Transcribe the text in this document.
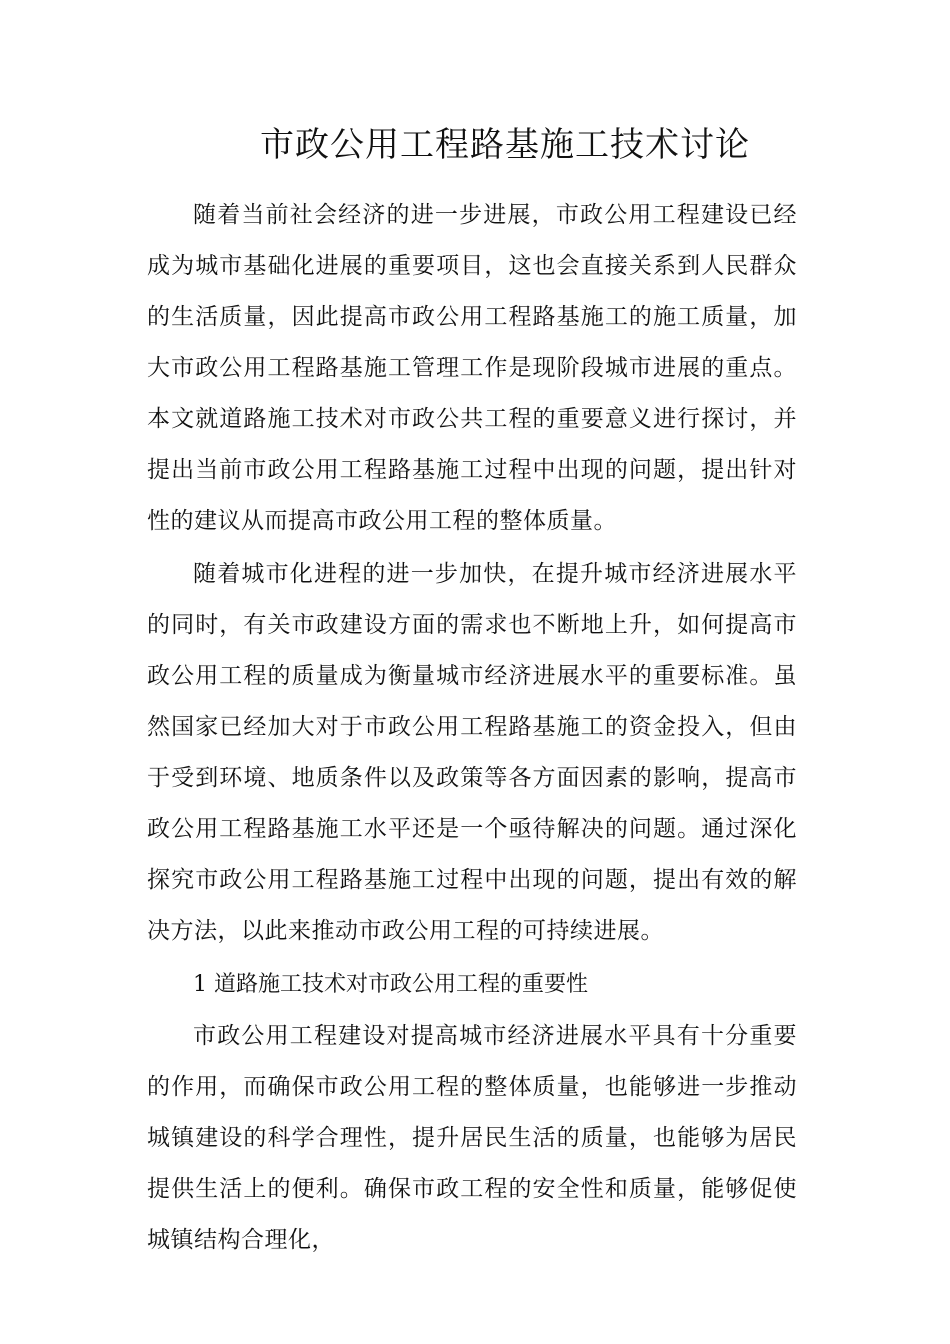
市政公用工程路基施工技术讨论

随着当前社会经济的进一步进展，市政公用工程建设已经成为城市基础化进展的重要项目，这也会直接关系到人民群众的生活质量，因此提高市政公用工程路基施工的施工质量，加大市政公用工程路基施工管理工作是现阶段城市进展的重点。本文就道路施工技术对市政公共工程的重要意义进行探讨，并提出当前市政公用工程路基施工过程中出现的问题，提出针对性的建议从而提高市政公用工程的整体质量。

随着城市化进程的进一步加快，在提升城市经济进展水平的同时，有关市政建设方面的需求也不断地上升，如何提高市政公用工程的质量成为衡量城市经济进展水平的重要标准。虽然国家已经加大对于市政公用工程路基施工的资金投入，但由于受到环境、地质条件以及政策等各方面因素的影响，提高市政公用工程路基施工水平还是一个亟待解决的问题。通过深化探究市政公用工程路基施工过程中出现的问题，提出有效的解决方法，以此来推动市政公用工程的可持续进展。

1 道路施工技术对市政公用工程的重要性

市政公用工程建设对提高城市经济进展水平具有十分重要的作用，而确保市政公用工程的整体质量，也能够进一步推动城镇建设的科学合理性，提升居民生活的质量，也能够为居民提供生活上的便利。确保市政工程的安全性和质量，能够促使城镇结构合理化，
